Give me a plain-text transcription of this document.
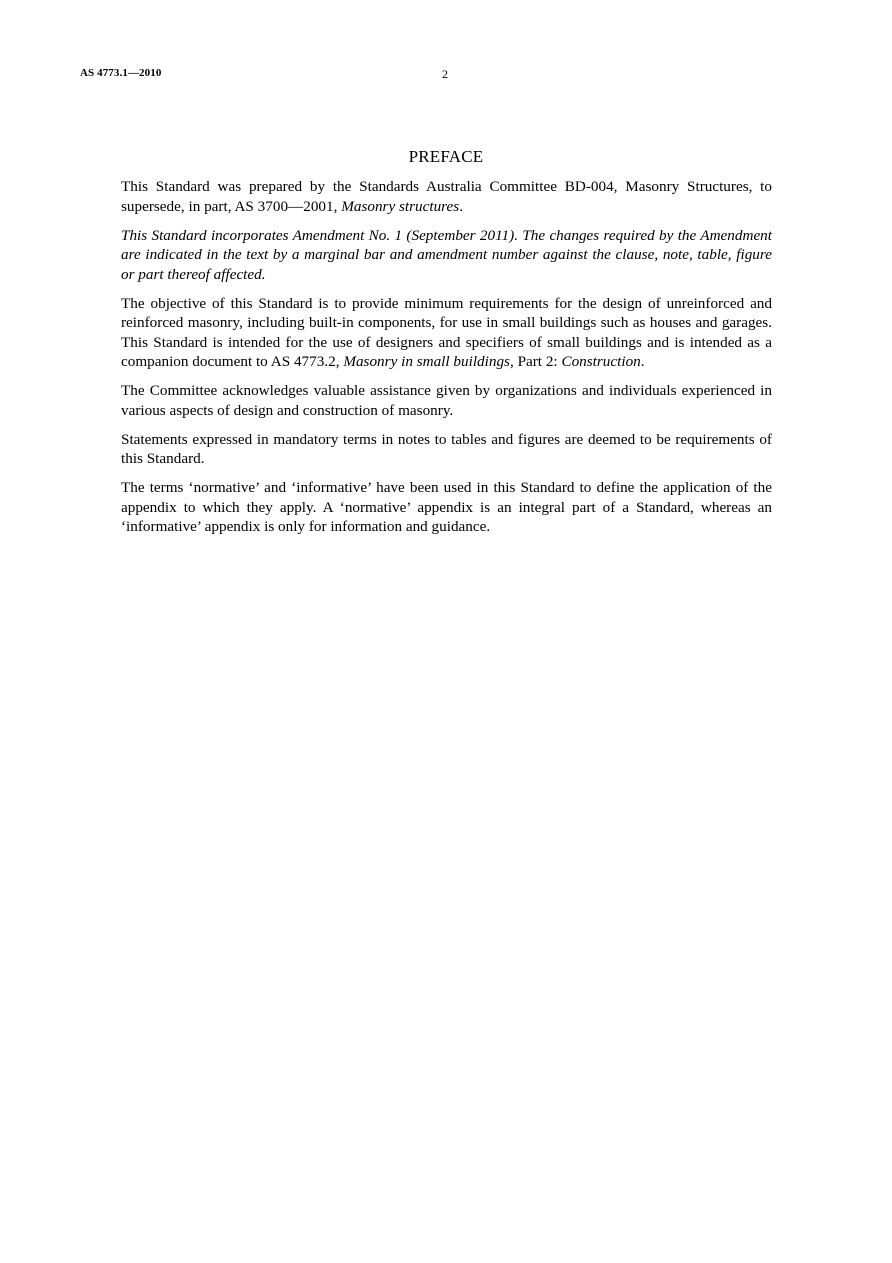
AS 4773.1—2010	2
PREFACE

This Standard was prepared by the Standards Australia Committee BD-004, Masonry Structures, to supersede, in part, AS 3700—2001, Masonry structures.

This Standard incorporates Amendment No. 1 (September 2011). The changes required by the Amendment are indicated in the text by a marginal bar and amendment number against the clause, note, table, figure or part thereof affected.

The objective of this Standard is to provide minimum requirements for the design of unreinforced and reinforced masonry, including built-in components, for use in small buildings such as houses and garages. This Standard is intended for the use of designers and specifiers of small buildings and is intended as a companion document to AS 4773.2, Masonry in small buildings, Part 2: Construction.

The Committee acknowledges valuable assistance given by organizations and individuals experienced in various aspects of design and construction of masonry.

Statements expressed in mandatory terms in notes to tables and figures are deemed to be requirements of this Standard.

The terms ‘normative’ and ‘informative’ have been used in this Standard to define the application of the appendix to which they apply. A ‘normative’ appendix is an integral part of a Standard, whereas an ‘informative’ appendix is only for information and guidance.
